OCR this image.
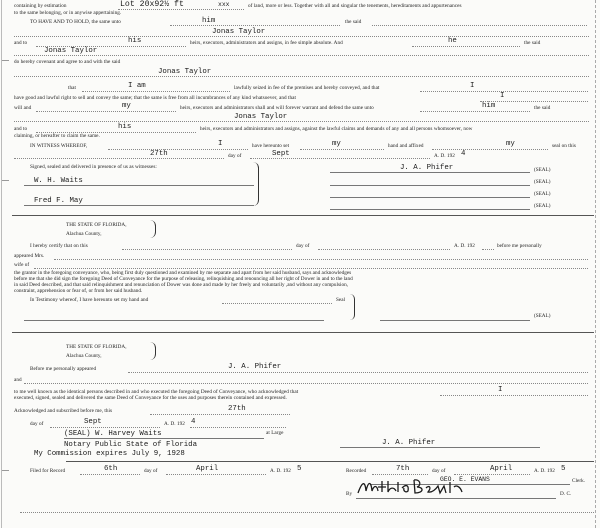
containing by estimation	Lot 20x92½ ft	xxx	of land, more or less. Together with all and singular the tenements, hereditaments and appurtenances
to the same belonging, or in anywise appertaining.
TO HAVE AND TO HOLD, the same unto	him	the said
Jonas Taylor
and to	his	heirs, executors, administrators and assigns, in fee simple absolute. And	he	the said
Jonas Taylor
do hereby covenant and agree to and with the said
Jonas Taylor
that	I am	lawfully seized in fee of the premises and hereby conveyed, and that	I
have good and lawful right to sell and convey the same; that the same is free from all incumbrances of any kind whatsoever, and that	I
will and	my	heirs, executors and administrators shall and will forever warrant and defend the same unto	him	the said
Jonas Taylor
and to	his	heirs, executors and administrators and assigns, against the lawful claims and demands of any and all persons whomsoever, now
claiming, or hereafter to claim the same.
IN WITNESS WHEREOF,	I	have hereunto set	my	hand and affixed	my	seal on this
27th	day of	Sept	A. D. 192 4
Signed, sealed and delivered in presence of us as witnesses:	J. A. Phifer	(SEAL)
W. H. Waits	(SEAL)
Fred F. May
(SEAL)
(SEAL)
THE STATE OF FLORIDA,
Alachua County,
I hereby certify that on this	day of	A. D. 192	before me personally
appeared Mrs.
wife of
the grantor in the foregoing conveyance, who, being first duly questioned and examined by me separate and apart from her said husband, says and acknowledges
before me that she did sign the foregoing Deed of Conveyance for the purpose of releasing, relinquishing and renouncing all her right of Dower in and to the land
in said Deed described, and that said relinquishment and renunciation of Dower was done and made by her freely and voluntarily ,and without any compulsion,
constraint, apprehension or fear of, or from her said husband.
In Testimony whereof, I have hereunto set my hand and	Seal
(SEAL)
THE STATE OF FLORIDA,
Alachua County,
Before me personally appeared	J. A. Phifer
and
to me well known as the identical persons described in and who executed the foregoing Deed of Conveyance, who acknowledged that	I
executed, signed, sealed and delivered the same Deed of Conveyance for the uses and purposes therein contained and expressed.
Acknowledged and subscribed before me, this	27th
day of	Sept	A. D. 192 4
(SEAL) W. Harvey Waits	at Large
Notary Public State of Florida	J. A. Phifer
My Commission expires July 9, 1928
Filed for Record	6th	day of	April	A. D. 192 5	Recorded	7th	day of	April	A. D. 192 5
GEO. E. EVANS	Clerk.
By	D. C.
